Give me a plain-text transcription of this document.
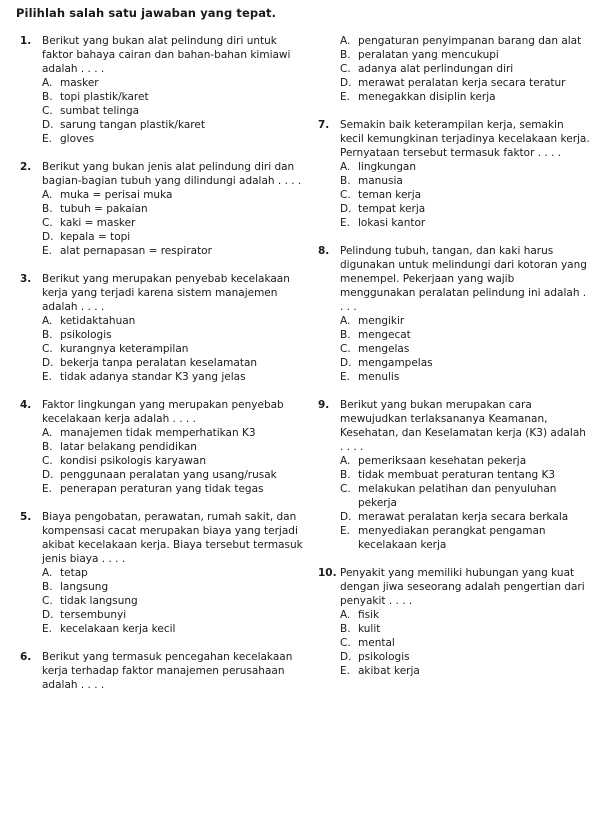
Pilihlah salah satu jawaban yang tepat.
1. Berikut yang bukan alat pelindung diri untuk faktor bahaya cairan dan bahan-bahan kimiawi adalah . . . .
A. masker
B. topi plastik/karet
C. sumbat telinga
D. sarung tangan plastik/karet
E. gloves
2. Berikut yang bukan jenis alat pelindung diri dan bagian-bagian tubuh yang dilindungi adalah . . . .
A. muka = perisai muka
B. tubuh = pakaian
C. kaki = masker
D. kepala = topi
E. alat pernapasan = respirator
3. Berikut yang merupakan penyebab kecelakaan kerja yang terjadi karena sistem manajemen adalah . . . .
A. ketidaktahuan
B. psikologis
C. kurangnya keterampilan
D. bekerja tanpa peralatan keselamatan
E. tidak adanya standar K3 yang jelas
4. Faktor lingkungan yang merupakan penyebab kecelakaan kerja adalah . . . .
A. manajemen tidak memperhatikan K3
B. latar belakang pendidikan
C. kondisi psikologis karyawan
D. penggunaan peralatan yang usang/rusak
E. penerapan peraturan yang tidak tegas
5. Biaya pengobatan, perawatan, rumah sakit, dan kompensasi cacat merupakan biaya yang terjadi akibat kecelakaan kerja. Biaya tersebut termasuk jenis biaya . . . .
A. tetap
B. langsung
C. tidak langsung
D. tersembunyi
E. kecelakaan kerja kecil
6. Berikut yang termasuk pencegahan kecelakaan kerja terhadap faktor manajemen perusahaan adalah . . . .
A. pengaturan penyimpanan barang dan alat
B. peralatan yang mencukupi
C. adanya alat perlindungan diri
D. merawat peralatan kerja secara teratur
E. menegakkan disiplin kerja
7. Semakin baik keterampilan kerja, semakin kecil kemungkinan terjadinya kecelakaan kerja. Pernyataan tersebut termasuk faktor . . . .
A. lingkungan
B. manusia
C. teman kerja
D. tempat kerja
E. lokasi kantor
8. Pelindung tubuh, tangan, dan kaki harus digunakan untuk melindungi dari kotoran yang menempel. Pekerjaan yang wajib menggunakan peralatan pelindung ini adalah . . . .
A. mengikir
B. mengecat
C. mengelas
D. mengampelas
E. menulis
9. Berikut yang bukan merupakan cara mewujudkan terlaksananya Keamanan, Kesehatan, dan Keselamatan kerja (K3) adalah . . . .
A. pemeriksaan kesehatan pekerja
B. tidak membuat peraturan tentang K3
C. melakukan pelatihan dan penyuluhan pekerja
D. merawat peralatan kerja secara berkala
E. menyediakan perangkat pengaman kecelakaan kerja
10. Penyakit yang memiliki hubungan yang kuat dengan jiwa seseorang adalah pengertian dari penyakit . . . .
A. fisik
B. kulit
C. mental
D. psikologis
E. akibat kerja
